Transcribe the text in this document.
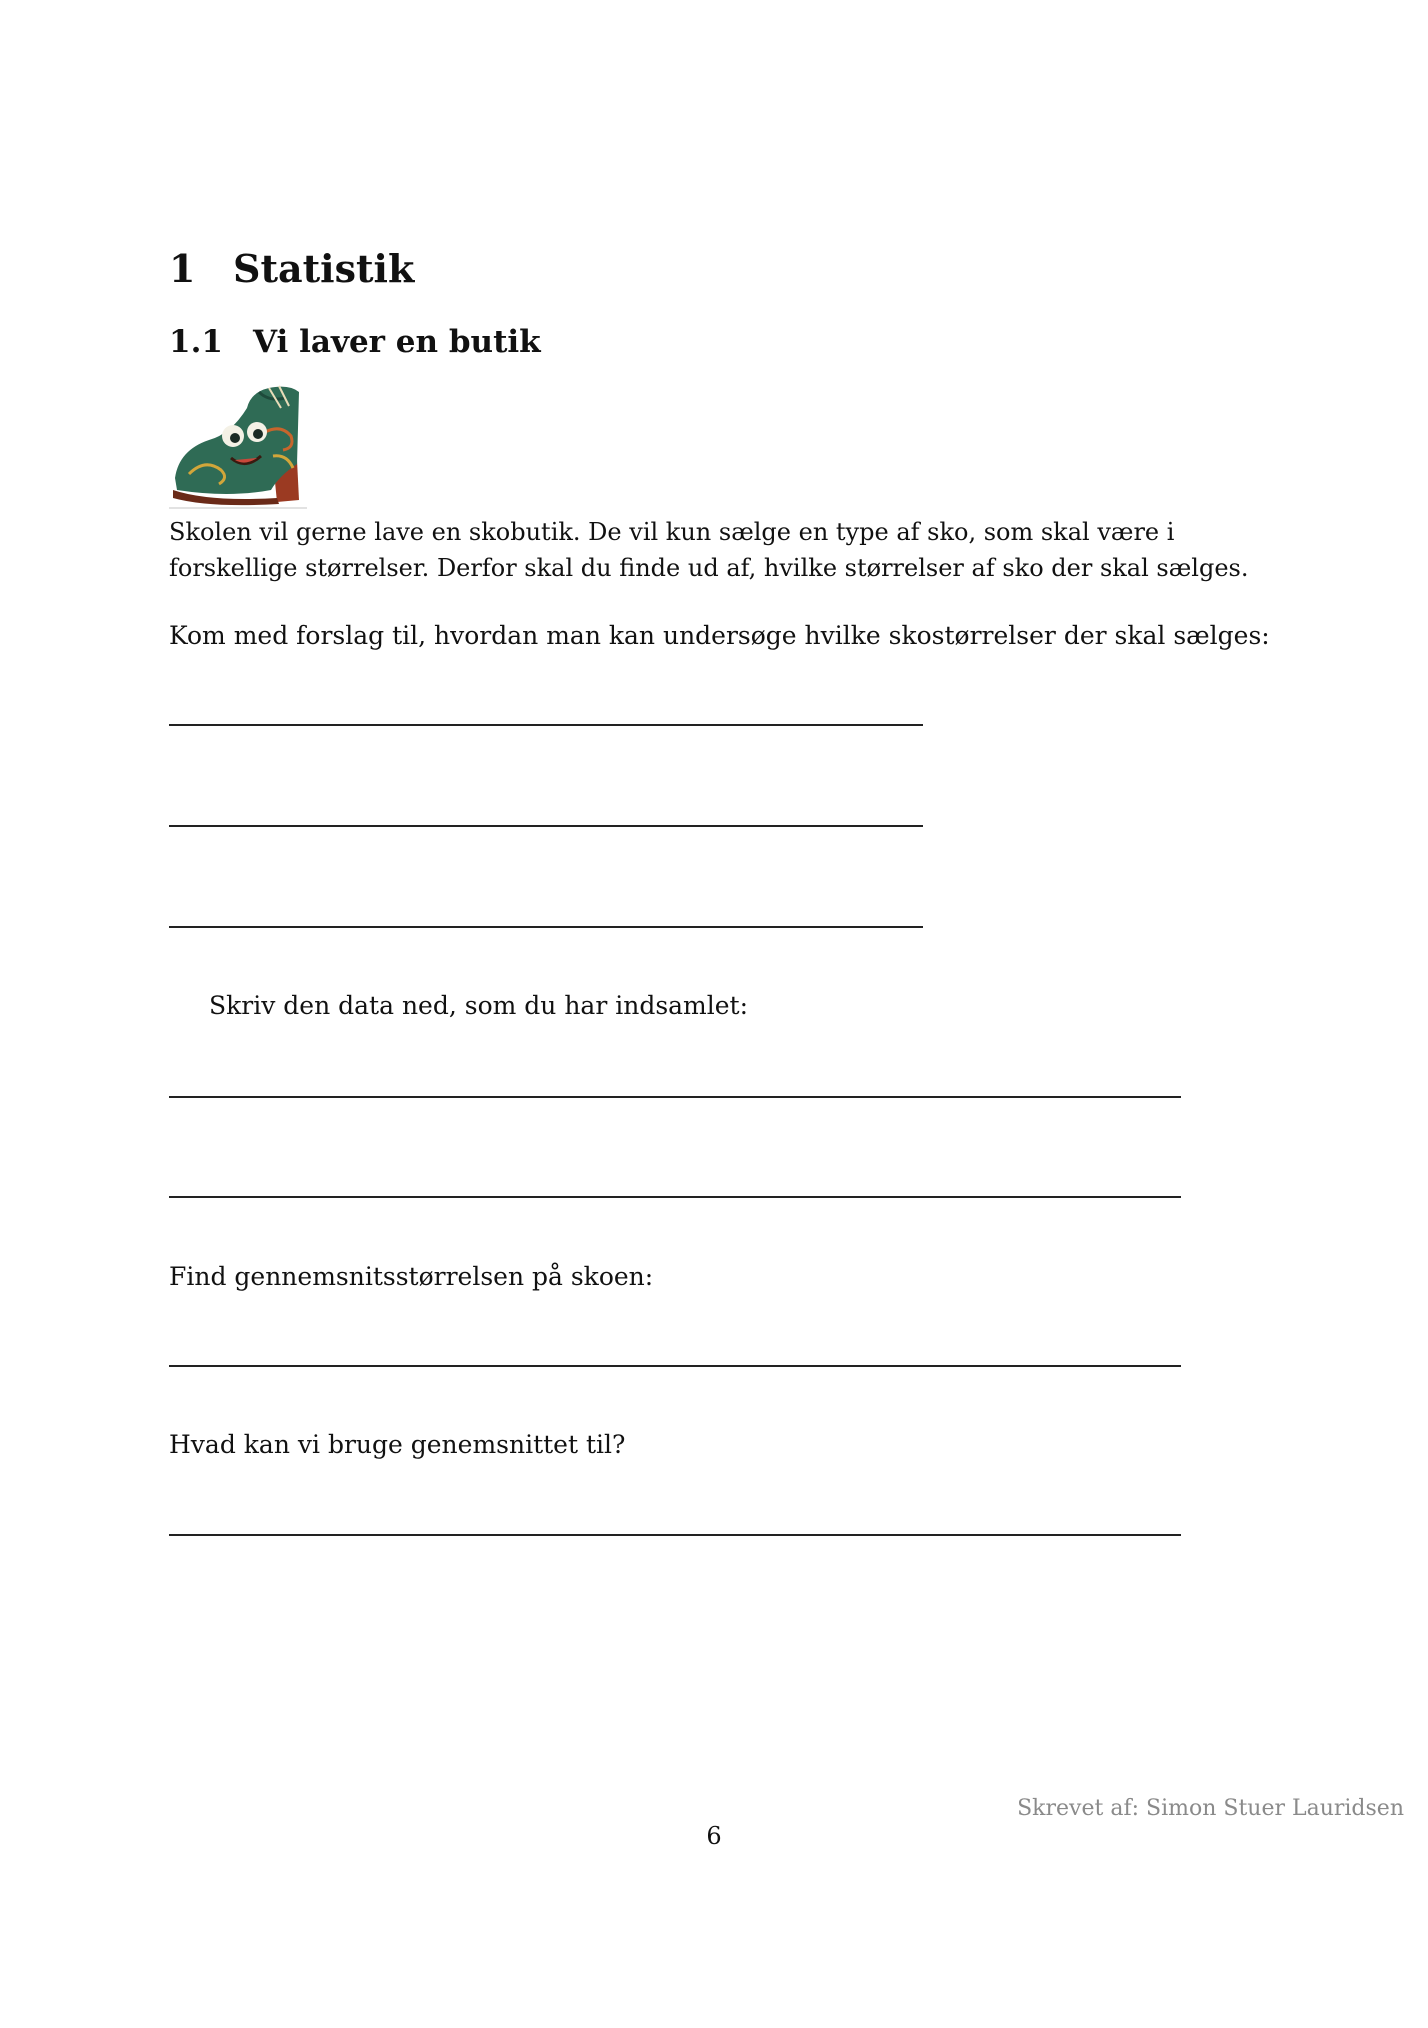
1 Statistik
1.1 Vi laver en butik
Skolen vil gerne lave en skobutik. De vil kun sælge en type af sko, som skal være i forskellige størrelser. Derfor skal du finde ud af, hvilke størrelser af sko der skal sælges.
Kom med forslag til, hvordan man kan undersøge hvilke skostørrelser der skal sælges:
Skriv den data ned, som du har indsamlet:
Find gennemsnitsstørrelsen på skoen:
Hvad kan vi bruge genemsnittet til?
Skrevet af: Simon Stuer Lauridsen
6
